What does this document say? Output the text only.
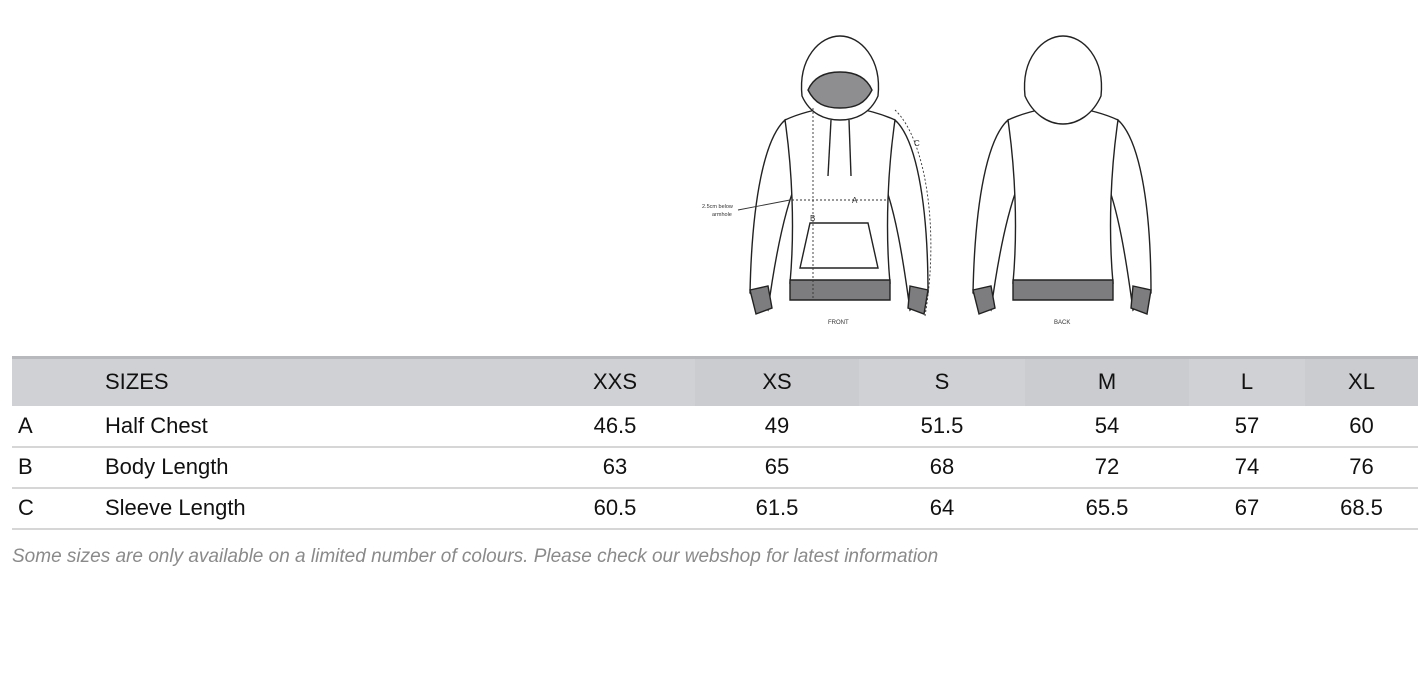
A
B
C
2.5cm below
armhole
FRONT	BACK
	SIZES	XXS	XS	S	M	L	XL
A	Half Chest	46.5	49	51.5	54	57	60
B	Body Length	63	65	68	72	74	76
C	Sleeve Length	60.5	61.5	64	65.5	67	68.5
Some sizes are only available on a limited number of colours. Please check our webshop for latest information
